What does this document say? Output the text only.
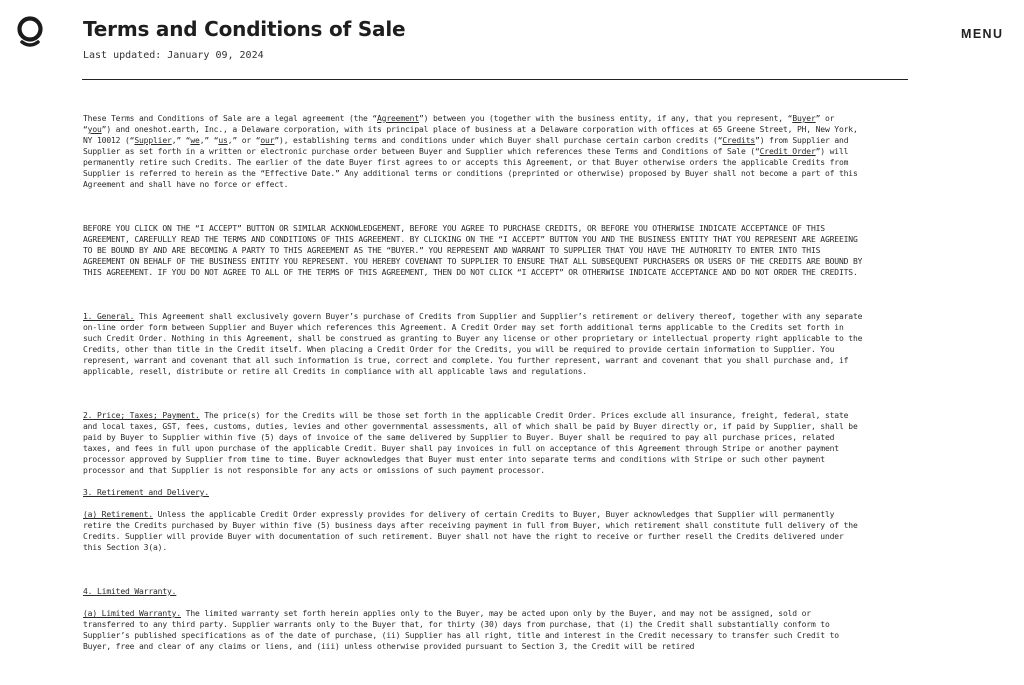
Terms and Conditions of Sale
Last updated: January 09, 2024
MENU

These Terms and Conditions of Sale are a legal agreement (the “Agreement”) between you (together with the business entity, if any, that you represent, “Buyer” or “you”) and oneshot.earth, Inc., a Delaware corporation, with its principal place of business at a Delaware corporation with offices at 65 Greene Street, PH, New York, NY 10012 (“Supplier,” “we,” “us,” or “our”), establishing terms and conditions under which Buyer shall purchase certain carbon credits (“Credits”) from Supplier and Supplier as set forth in a written or electronic purchase order between Buyer and Supplier which references these Terms and Conditions of Sale (“Credit Order”) will permanently retire such Credits. The earlier of the date Buyer first agrees to or accepts this Agreement, or that Buyer otherwise orders the applicable Credits from Supplier is referred to herein as the “Effective Date.” Any additional terms or conditions (preprinted or otherwise) proposed by Buyer shall not become a part of this Agreement and shall have no force or effect.

BEFORE YOU CLICK ON THE “I ACCEPT” BUTTON OR SIMILAR ACKNOWLEDGEMENT, BEFORE YOU AGREE TO PURCHASE CREDITS, OR BEFORE YOU OTHERWISE INDICATE ACCEPTANCE OF THIS AGREEMENT, CAREFULLY READ THE TERMS AND CONDITIONS OF THIS AGREEMENT. BY CLICKING ON THE “I ACCEPT” BUTTON YOU AND THE BUSINESS ENTITY THAT YOU REPRESENT ARE AGREEING TO BE BOUND BY AND ARE BECOMING A PARTY TO THIS AGREEMENT AS THE “BUYER.” YOU REPRESENT AND WARRANT TO SUPPLIER THAT YOU HAVE THE AUTHORITY TO ENTER INTO THIS AGREEMENT ON BEHALF OF THE BUSINESS ENTITY YOU REPRESENT. YOU HEREBY COVENANT TO SUPPLIER TO ENSURE THAT ALL SUBSEQUENT PURCHASERS OR USERS OF THE CREDITS ARE BOUND BY THIS AGREEMENT. IF YOU DO NOT AGREE TO ALL OF THE TERMS OF THIS AGREEMENT, THEN DO NOT CLICK “I ACCEPT” OR OTHERWISE INDICATE ACCEPTANCE AND DO NOT ORDER THE CREDITS.

1. General. This Agreement shall exclusively govern Buyer’s purchase of Credits from Supplier and Supplier’s retirement or delivery thereof, together with any separate on-line order form between Supplier and Buyer which references this Agreement. A Credit Order may set forth additional terms applicable to the Credits set forth in such Credit Order. Nothing in this Agreement, shall be construed as granting to Buyer any license or other proprietary or intellectual property right applicable to the Credits, other than title in the Credit itself. When placing a Credit Order for the Credits, you will be required to provide certain information to Supplier. You represent, warrant and covenant that all such information is true, correct and complete. You further represent, warrant and covenant that you shall purchase and, if applicable, resell, distribute or retire all Credits in compliance with all applicable laws and regulations.

2. Price; Taxes; Payment. The price(s) for the Credits will be those set forth in the applicable Credit Order. Prices exclude all insurance, freight, federal, state and local taxes, GST, fees, customs, duties, levies and other governmental assessments, all of which shall be paid by Buyer directly or, if paid by Supplier, shall be paid by Buyer to Supplier within five (5) days of invoice of the same delivered by Supplier to Buyer. Buyer shall be required to pay all purchase prices, related taxes, and fees in full upon purchase of the applicable Credit. Buyer shall pay invoices in full on acceptance of this Agreement through Stripe or another payment processor approved by Supplier from time to time. Buyer acknowledges that Buyer must enter into separate terms and conditions with Stripe or such other payment processor and that Supplier is not responsible for any acts or omissions of such payment processor.

3. Retirement and Delivery.

(a) Retirement. Unless the applicable Credit Order expressly provides for delivery of certain Credits to Buyer, Buyer acknowledges that Supplier will permanently retire the Credits purchased by Buyer within five (5) business days after receiving payment in full from Buyer, which retirement shall constitute full delivery of the Credits. Supplier will provide Buyer with documentation of such retirement. Buyer shall not have the right to receive or further resell the Credits delivered under this Section 3(a).

4. Limited Warranty.

(a) Limited Warranty. The limited warranty set forth herein applies only to the Buyer, may be acted upon only by the Buyer, and may not be assigned, sold or transferred to any third party. Supplier warrants only to the Buyer that, for thirty (30) days from purchase, that (i) the Credit shall substantially conform to Supplier’s published specifications as of the date of purchase, (ii) Supplier has all right, title and interest in the Credit necessary to transfer such Credit to Buyer, free and clear of any claims or liens, and (iii) unless otherwise provided pursuant to Section 3, the Credit will be retired
